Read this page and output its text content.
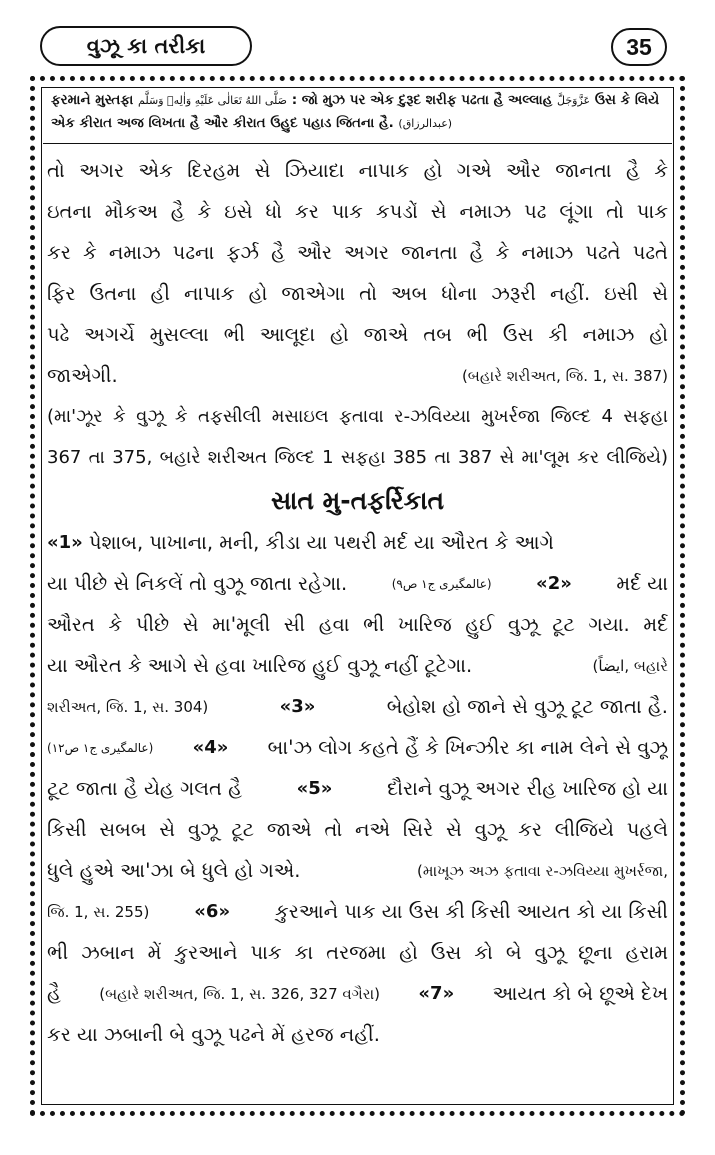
વુઝૂ કા તરીકા	35
ફરમાને મુસ્તફા صَلَّى اللهُ تَعَالٰی عَلَيْهِ وَاٰلِهٖ وَسَلَّم : જો મુઝ પર એક દુરૂદ શરીફ પઢતા હૈ અલ્લાહ عَزَّوَجَلَّ ઉસ કે લિયે એક કીરાત અજ લિખતા હૈ ઔર કીરાત ઉહુદ પહાડ જિતના હૈ. (عبدالرزاق)
તો અગર એક દિરહમ સે ઝિયાદા નાપાક હો ગએ ઔર જાનતા હૈ કે
ઇતના મૌકઅ હૈ કે ઇસે ધો કર પાક કપડોં સે નમાઝ પઢ લૂંગા તો પાક
કર કે નમાઝ પઢના ફર્ઝ હૈ ઔર અગર જાનતા હૈ કે નમાઝ પઢતે પઢતે
ફિર ઉતના હી નાપાક હો જાએગા તો અબ ધોના ઝરૂરી નહીં. ઇસી સે
પઢે અગર્ચે મુસલ્લા ભી આલૂદા હો જાએ તબ ભી ઉસ કી નમાઝ હો
જાએગી.	(બહારે શરીઅત, જિ. 1, સ. 387)
(મા'ઝૂર કે વુઝૂ કે તફસીલી મસાઇલ ફતાવા ર-ઝવિય્યા મુખર્રજા જિલ્દ 4 સફહા
367 તા 375, બહારે શરીઅત જિલ્દ 1 સફહા 385 તા 387 સે મા'લૂમ કર લીજિયે)
સાત મુ-તફર્રિકાત
« 1 » પેશાબ, પાખાના, મની, કીડા યા પથરી મર્દ યા ઔરત કે આગે
યા પીછે સે નિકલેં તો વુઝૂ જાતા રહેગા.	(عالمگیری ج۱ ص۹)	« 2 »	મર્દ યા
ઔરત કે પીછે સે મા'મૂલી સી હવા ભી ખારિજ હુઈ વુઝૂ ટૂટ ગયા. મર્દ
યા ઔરત કે આગે સે હવા ખારિજ હુઈ વુઝૂ નહીં ટૂટેગા.	(ایضاً, બહારે
શરીઅત, જિ. 1, સ. 304)	« 3 »	બેહોશ હો જાને સે વુઝૂ ટૂટ જાતા હૈ.
(عالمگیری ج۱ ص۱۲)	« 4 »	બા'ઝ લોગ કહતે હૈં કે ખિન્ઝીર કા નામ લેને સે વુઝૂ
ટૂટ જાતા હૈ યેહ ગલત હૈ	« 5 »	દૌરાને વુઝૂ અગર રીહ ખારિજ હો યા
કિસી સબબ સે વુઝૂ ટૂટ જાએ તો નએ સિરે સે વુઝૂ કર લીજિયે પહલે
ધુલે હુએ આ'ઝા બે ધુલે હો ગએ.	(માખૂઝ અઝ ફતાવા ર-ઝવિય્યા મુખર્રજા,
જિ. 1, સ. 255)	« 6 »	કુરઆને પાક યા ઉસ કી કિસી આયત કો યા કિસી
ભી ઝબાન મેં કુરઆને પાક કા તરજમા હો ઉસ કો બે વુઝૂ છૂના હરામ
હૈ	(બહારે શરીઅત, જિ. 1, સ. 326, 327 વગૈરા)	« 7 »	આયત કો બે છૂએ દેખ
કર યા ઝબાની બે વુઝૂ પઢને મેં હરજ નહીં.
